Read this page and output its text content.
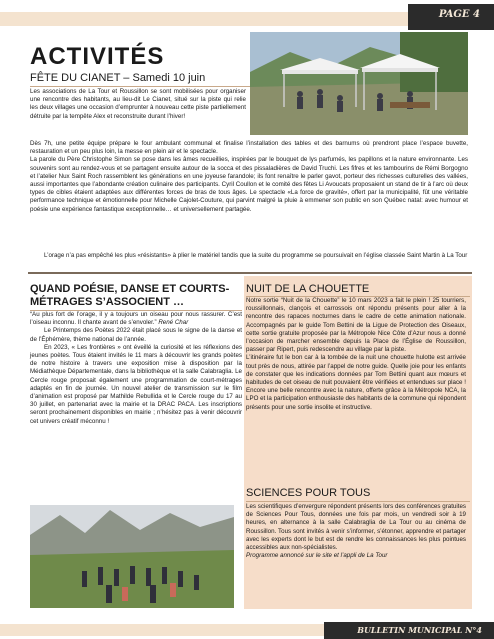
PAGE 4
ACTIVITÉS
FÊTE DU CIANET – Samedi 10 juin
Les associations de La Tour et Roussillon se sont mobilisées pour organiser une rencontre des habitants, au lieu-dit Le Cianet, situé sur la piste qui relie les deux villages une occasion d’emprunter à nouveau cette piste partiellement détruite par la tempête Alex et reconstruite durant l’hiver!
Dès 7h, une petite équipe prépare le four ambulant communal et finalise l’installation des tables et des barnums où prendront place l’espace buvette, restauration et un peu plus loin, la messe en plein air et le spectacle.
La parole du Père Christophe Simon se pose dans les âmes recueillies, inspirées par le bouquet de lys parfumés, les papillons et la nature environnante. Les souvenirs sont au rendez-vous et se partagent ensuite autour de la socca et des pissaladières de David Truchi. Les fifres et les tambourins de Rémi Borgogno et l’atelier Nux Saint Roch rassemblent les générations en une joyeuse farandole; ils font renaître le parler gavot, porteur des richesses culturelles des vallées, aussi importantes que l’abondante création culinaire des participants. Cyril Coullon et le comité des fêtes Li Avoucats proposaient un stand de tir à l’arc où deux types de cibles étaient adaptées aux différentes forces de bras de tous âges. Le spectacle «La force de gravité», offert par la municipalité, fût une véritable performance technique et émotionnelle pour Michelle Cajolet-Couture, qui parvint malgré la pluie à emmener son public en son Québec natal: avec humour et poésie une expérience fantastique exceptionnelle… et universellement partagée.
L’orage n’a pas empêché les plus «résistants» à plier le matériel tandis que la suite du programme se poursuivait en l’église classée Saint Martin à La Tour
QUAND POÉSIE, DANSE ET COURTS-MÉTRAGES S’ASSOCIENT …
“Au plus fort de l’orage, il y a toujours un oiseau pour nous rassurer. C’est l’oiseau inconnu. Il chante avant de s’envoler.” René Char
Le Printemps des Poètes 2022 était placé sous le signe de la danse et de l’Éphémère, thème national de l’année.
En 2023, « Les frontières » ont éveillé la curiosité et les réflexions des jeunes poètes. Tous étaient invités le 11 mars à découvrir les grands poètes de notre histoire à travers une exposition mise à disposition par la Médiathèque Départementale, dans la bibliothèque et la salle Calabraglia. Le Cercle rouge proposait également une programmation de court-métrages adaptés en fin de journée. Un nouvel atelier de transmission sur le film d’animation est proposé par Mathilde Rebullida et le Cercle rouge du 17 au 30 juillet, en partenariat avec la mairie et la DRAC PACA. Les inscriptions seront prochainement disponibles en mairie ; n’hésitez pas à venir découvrir cet univers créatif méconnu !
NUIT DE LA CHOUETTE
Notre sortie “Nuit de la Chouette” le 10 mars 2023 a fait le plein ! 25 tourriers, roussillonnais, clançois et carrossois ont répondu présents pour aller à la rencontre des rapaces nocturnes dans le cadre de cette animation nationale. Accompagnés par le guide Tom Bettini de la Ligue de Protection des Oiseaux, cette sortie gratuite proposée par la Métropole Nice Côte d’Azur nous a donné l’occasion de marcher ensemble depuis la Place de l’Église de Roussillon, passer par Ripert, puis redescendre au village par la piste.
L’itinéraire fut le bon car à la tombée de la nuit une chouette hulotte est arrivée tout près de nous, attirée par l’appel de notre guide. Quelle joie pour les enfants de constater que les indications données par Tom Bettini quant aux mœurs et habitudes de cet oiseau de nuit pouvaient être vérifiées et entendues sur place ! Encore une belle rencontre avec la nature, offerte grâce à la Métropole NCA, la LPO et la participation enthousiaste des habitants de la commune qui répondent présents pour une sortie insolite et instructive.
SCIENCES POUR TOUS
Les scientifiques d’envergure répondent présents lors des conférences gratuites de Sciences Pour Tous, données une fois par mois, un vendredi soir à 19 heures, en alternance à la salle Calabraglia de La Tour ou au cinéma de Roussillon. Tous sont invités à venir s’informer, s’étonner, apprendre et partager avec les experts dont le but est de rendre les connaissances les plus pointues accessibles aux non-spécialistes.
Programme annoncé sur le site et l’appli de La Tour
BULLETIN MUNICIPAL N°4
